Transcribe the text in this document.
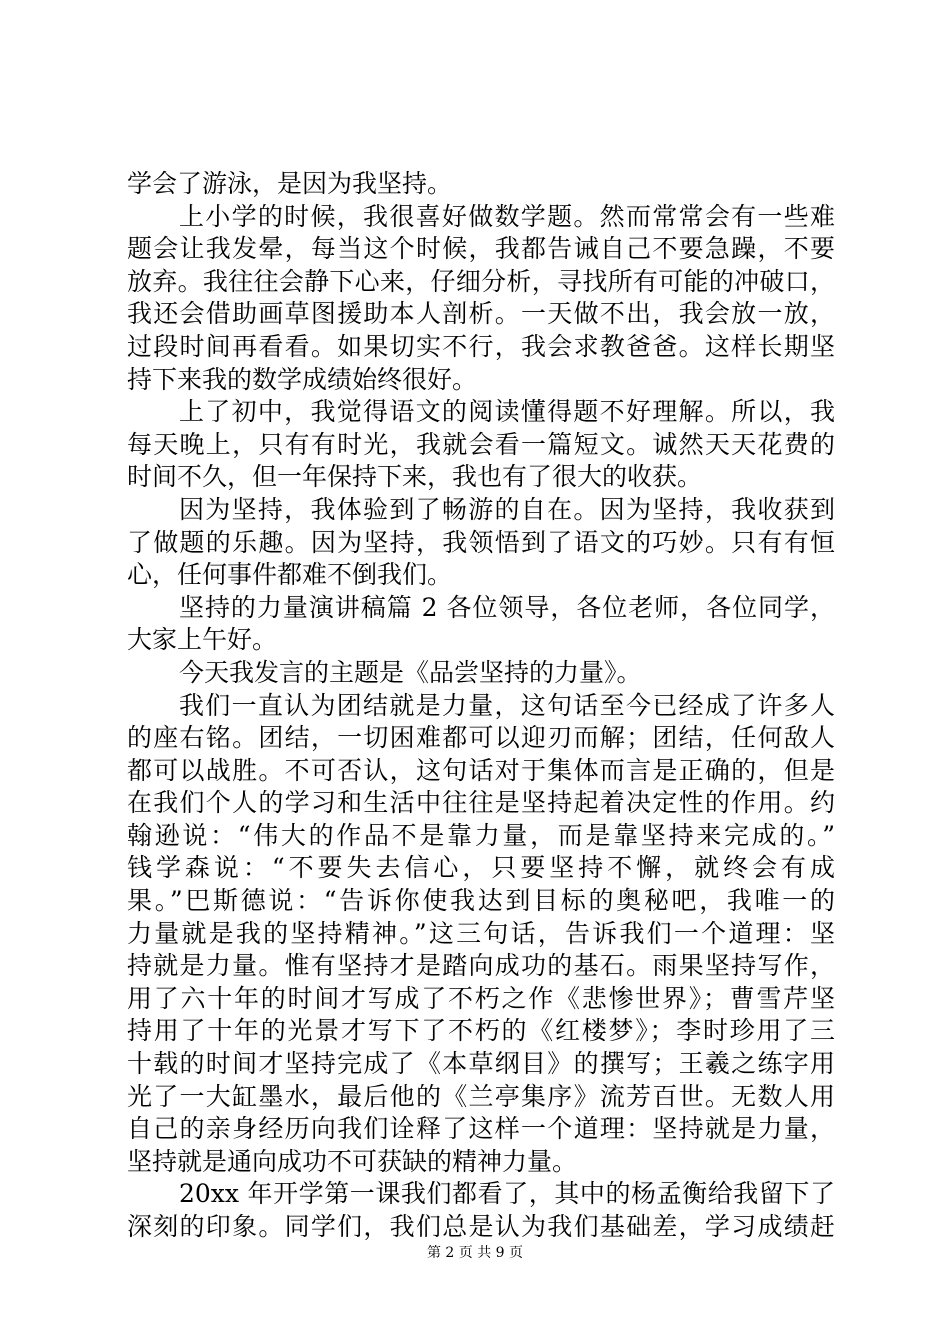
学会了游泳，是因为我坚持。
上小学的时候，我很喜好做数学题。然而常常会有一些难
题会让我发晕，每当这个时候，我都告诫自己不要急躁，不要
放弃。我往往会静下心来，仔细分析，寻找所有可能的冲破口，
我还会借助画草图援助本人剖析。一天做不出，我会放一放，
过段时间再看看。如果切实不行，我会求教爸爸。这样长期坚
持下来我的数学成绩始终很好。
上了初中，我觉得语文的阅读懂得题不好理解。所以，我
每天晚上，只有有时光，我就会看一篇短文。诚然天天花费的
时间不久，但一年保持下来，我也有了很大的收获。
因为坚持，我体验到了畅游的自在。因为坚持，我收获到
了做题的乐趣。因为坚持，我领悟到了语文的巧妙。只有有恒
心，任何事件都难不倒我们。
坚持的力量演讲稿篇 2 各位领导，各位老师，各位同学，
大家上午好。
今天我发言的主题是《品尝坚持的力量》。
我们一直认为团结就是力量，这句话至今已经成了许多人
的座右铭。团结，一切困难都可以迎刃而解；团结，任何敌人
都可以战胜。不可否认，这句话对于集体而言是正确的，但是
在我们个人的学习和生活中往往是坚持起着决定性的作用。约
翰逊说：“伟大的作品不是靠力量，而是靠坚持来完成的。”
钱学森说：“不要失去信心，只要坚持不懈，就终会有成
果。”巴斯德说：“告诉你使我达到目标的奥秘吧，我唯一的
力量就是我的坚持精神。”这三句话，告诉我们一个道理：坚
持就是力量。惟有坚持才是踏向成功的基石。雨果坚持写作，
用了六十年的时间才写成了不朽之作《悲惨世界》；曹雪芹坚
持用了十年的光景才写下了不朽的《红楼梦》；李时珍用了三
十载的时间才坚持完成了《本草纲目》的撰写；王羲之练字用
光了一大缸墨水，最后他的《兰亭集序》流芳百世。无数人用
自己的亲身经历向我们诠释了这样一个道理：坚持就是力量，
坚持就是通向成功不可获缺的精神力量。
20xx 年开学第一课我们都看了，其中的杨孟衡给我留下了
深刻的印象。同学们，我们总是认为我们基础差，学习成绩赶
第 2 页 共 9 页
